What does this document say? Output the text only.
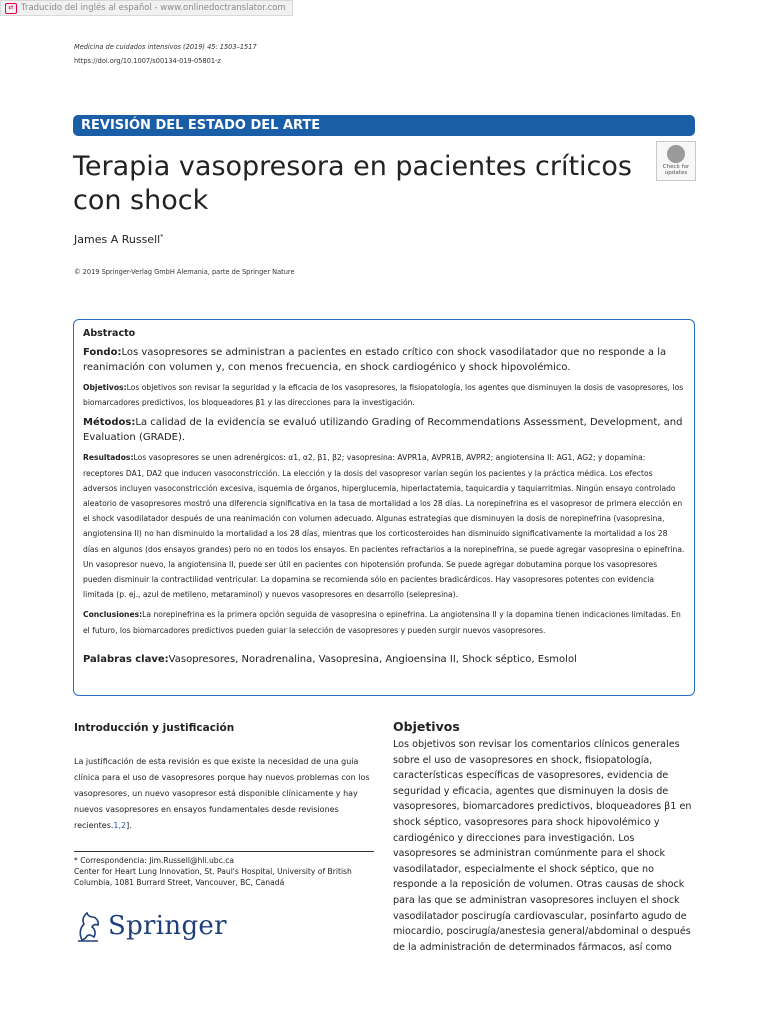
⇄ Traducido del inglés al español - www.onlinedoctranslator.com
Medicina de cuidados intensivos (2019) 45: 1503–1517
https://doi.org/10.1007/s00134-019-05801-z
REVISIÓN DEL ESTADO DEL ARTE
Terapia vasopresora en pacientes críticos con shock
Check for updates
James A Russell*
© 2019 Springer-Verlag GmbH Alemania, parte de Springer Nature
Abstracto

Fondo:Los vasopresores se administran a pacientes en estado crítico con shock vasodilatador que no responde a la reanimación con volumen y, con menos frecuencia, en shock cardiogénico y shock hipovolémico.

Objetivos:Los objetivos son revisar la seguridad y la eficacia de los vasopresores, la fisiopatología, los agentes que disminuyen la dosis de vasopresores, los biomarcadores predictivos, los bloqueadores β1 y las direcciones para la investigación.

Métodos:La calidad de la evidencia se evaluó utilizando Grading of Recommendations Assessment, Development, and Evaluation (GRADE).

Resultados:Los vasopresores se unen adrenérgicos: α1, α2, β1, β2; vasopresina: AVPR1a, AVPR1B, AVPR2; angiotensina II: AG1, AG2; y dopamina: receptores DA1, DA2 que inducen vasoconstricción. La elección y la dosis del vasopresor varían según los pacientes y la práctica médica. Los efectos adversos incluyen vasoconstricción excesiva, isquemia de órganos, hiperglucemia, hiperlactatemia, taquicardia y taquiarritmias. Ningún ensayo controlado aleatorio de vasopresores mostró una diferencia significativa en la tasa de mortalidad a los 28 días. La norepinefrina es el vasopresor de primera elección en el shock vasodilatador después de una reanimación con volumen adecuado. Algunas estrategias que disminuyen la dosis de norepinefrina (vasopresina, angiotensina II) no han disminuido la mortalidad a los 28 días, mientras que los corticosteroides han disminuido significativamente la mortalidad a los 28 días en algunos (dos ensayos grandes) pero no en todos los ensayos. En pacientes refractarios a la norepinefrina, se puede agregar vasopresina o epinefrina. Un vasopresor nuevo, la angiotensina II, puede ser útil en pacientes con hipotensión profunda. Se puede agregar dobutamina porque los vasopresores pueden disminuir la contractilidad ventricular. La dopamina se recomienda sólo en pacientes bradicárdicos. Hay vasopresores potentes con evidencia limitada (p. ej., azul de metileno, metaraminol) y nuevos vasopresores en desarrollo (selepresina).

Conclusiones:La norepinefrina es la primera opción seguida de vasopresina o epinefrina. La angiotensina II y la dopamina tienen indicaciones limitadas. En el futuro, los biomarcadores predictivos pueden guiar la selección de vasopresores y pueden surgir nuevos vasopresores.

Palabras clave:Vasopresores, Noradrenalina, Vasopresina, Angioensina II, Shock séptico, Esmolol

Introducción y justificación
La justificación de esta revisión es que existe la necesidad de una guía clínica para el uso de vasopresores porque hay nuevos problemas con los vasopresores, un nuevo vasopresor está disponible clínicamente y hay nuevos vasopresores en ensayos fundamentales desde revisiones recientes.1,2].
* Correspondencia: Jim.Russell@hli.ubc.ca
Center for Heart Lung Innovation, St. Paul's Hospital, University of British Columbia, 1081 Burrard Street, Vancouver, BC, Canadá
Springer
Objetivos
Los objetivos son revisar los comentarios clínicos generales sobre el uso de vasopresores en shock, fisiopatología, características específicas de vasopresores, evidencia de seguridad y eficacia, agentes que disminuyen la dosis de vasopresores, biomarcadores predictivos, bloqueadores β1 en shock séptico, vasopresores para shock hipovolémico y cardiogénico y direcciones para investigación. Los vasopresores se administran comúnmente para el shock vasodilatador, especialmente el shock séptico, que no responde a la reposición de volumen. Otras causas de shock para las que se administran vasopresores incluyen el shock vasodilatador poscirugía cardiovascular, posinfarto agudo de miocardio, poscirugía/anestesia general/abdominal o después de la administración de determinados fármacos, así como
